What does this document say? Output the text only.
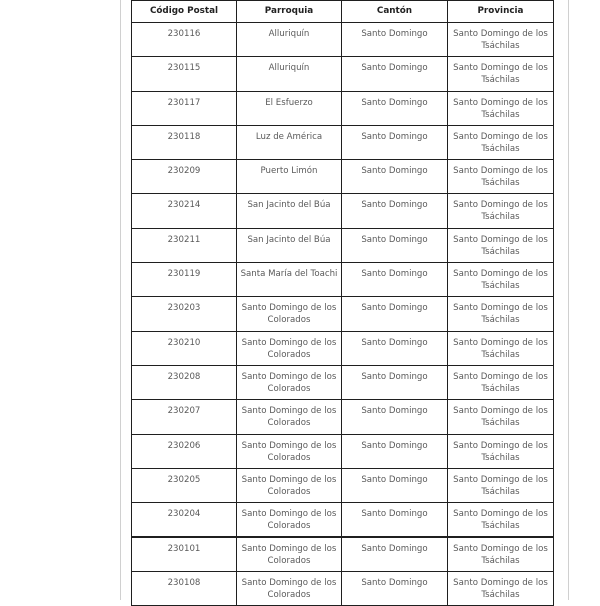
Código Postal	Parroquia	Cantón	Provincia
230116	Alluriquín	Santo Domingo	Santo Domingo de los Tsáchilas
230115	Alluriquín	Santo Domingo	Santo Domingo de los Tsáchilas
230117	El Esfuerzo	Santo Domingo	Santo Domingo de los Tsáchilas
230118	Luz de América	Santo Domingo	Santo Domingo de los Tsáchilas
230209	Puerto Limón	Santo Domingo	Santo Domingo de los Tsáchilas
230214	San Jacinto del Búa	Santo Domingo	Santo Domingo de los Tsáchilas
230211	San Jacinto del Búa	Santo Domingo	Santo Domingo de los Tsáchilas
230119	Santa María del Toachi	Santo Domingo	Santo Domingo de los Tsáchilas
230203	Santo Domingo de los Colorados	Santo Domingo	Santo Domingo de los Tsáchilas
230210	Santo Domingo de los Colorados	Santo Domingo	Santo Domingo de los Tsáchilas
230208	Santo Domingo de los Colorados	Santo Domingo	Santo Domingo de los Tsáchilas
230207	Santo Domingo de los Colorados	Santo Domingo	Santo Domingo de los Tsáchilas
230206	Santo Domingo de los Colorados	Santo Domingo	Santo Domingo de los Tsáchilas
230205	Santo Domingo de los Colorados	Santo Domingo	Santo Domingo de los Tsáchilas
230204	Santo Domingo de los Colorados	Santo Domingo	Santo Domingo de los Tsáchilas
230101	Santo Domingo de los Colorados	Santo Domingo	Santo Domingo de los Tsáchilas
230108	Santo Domingo de los Colorados	Santo Domingo	Santo Domingo de los Tsáchilas
